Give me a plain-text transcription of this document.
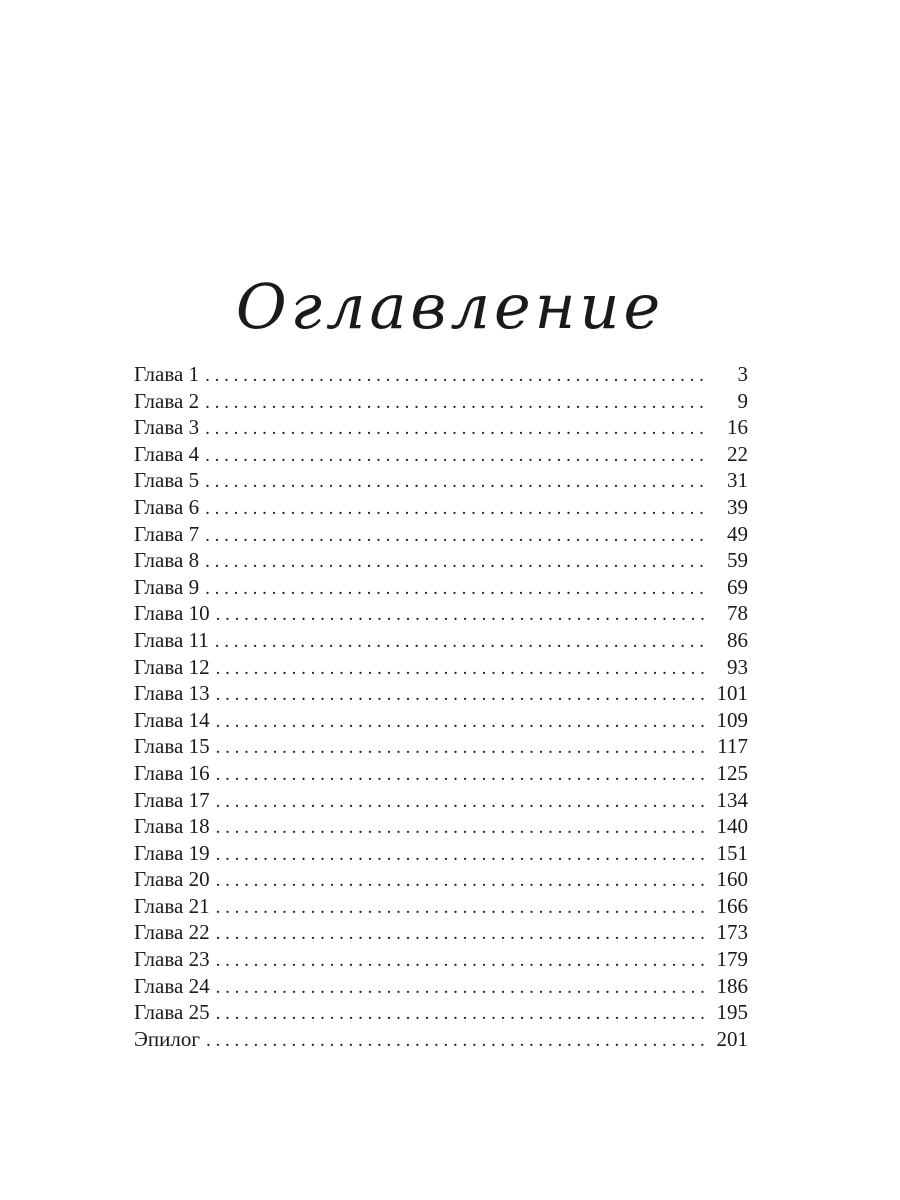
Оглавление
Глава 1 . . .	3
Глава 2 . . .	9
Глава 3 . . .	16
Глава 4 . . .	22
Глава 5 . . .	31
Глава 6 . . .	39
Глава 7 . . .	49
Глава 8 . . .	59
Глава 9 . . .	69
Глава 10 . . .	78
Глава 11 . . .	86
Глава 12 . . .	93
Глава 13 . . .	101
Глава 14 . . .	109
Глава 15 . . .	117
Глава 16 . . .	125
Глава 17 . . .	134
Глава 18 . . .	140
Глава 19 . . .	151
Глава 20 . . .	160
Глава 21 . . .	166
Глава 22 . . .	173
Глава 23 . . .	179
Глава 24 . . .	186
Глава 25 . . .	195
Эпилог . . .	201
